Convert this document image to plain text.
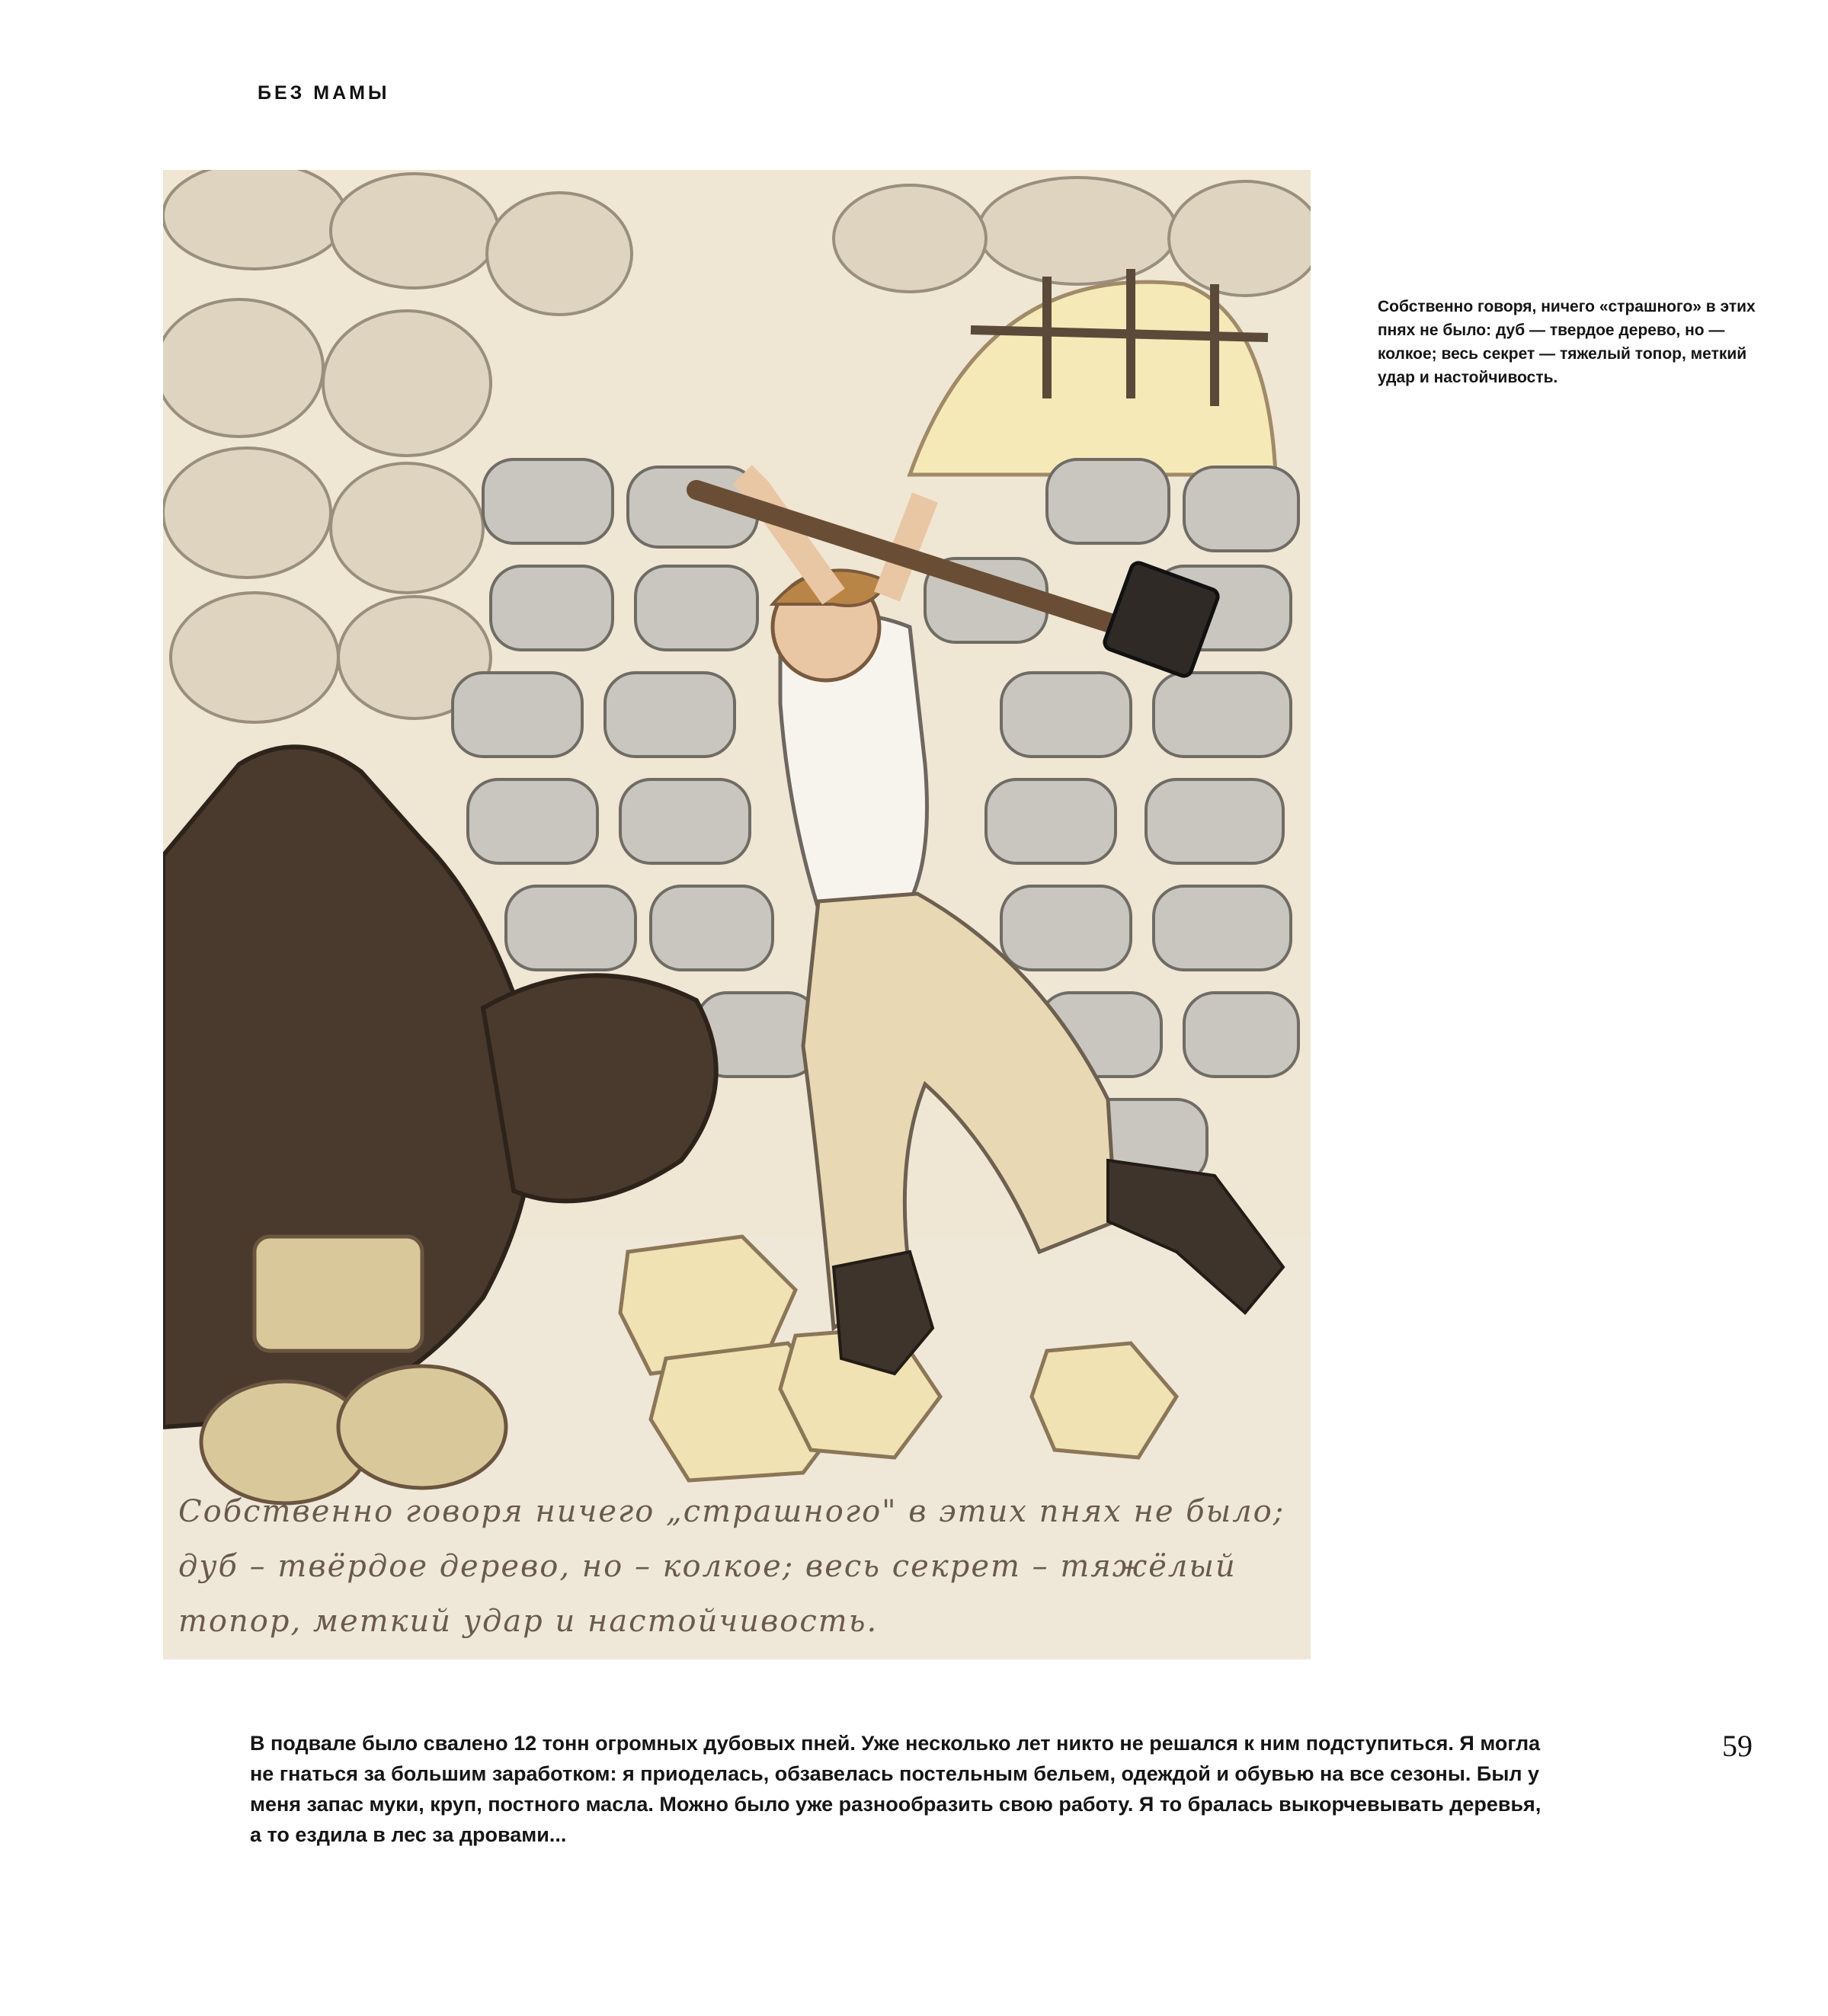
БЕЗ МАМЫ
Собственно говоря ничего „страшного" в этих пнях не было; дуб – твёрдое дерево, но – колкое; весь секрет – тяжёлый топор, меткий удар и настойчивость.
Собственно говоря, ничего «страшного» в этих пнях не было: дуб — твердое дерево, но — колкое; весь секрет — тяжелый топор, меткий удар и настойчивость.
В подвале было свалено 12 тонн огромных дубовых пней. Уже несколько лет никто не решался к ним подступиться. Я могла не гнаться за большим заработком: я приоделась, обзавелась постельным бельем, одеждой и обувью на все сезоны. Был у меня запас муки, круп, постного масла. Можно было уже разнообразить свою работу. Я то бралась выкорчевывать деревья, а то ездила в лес за дровами...
59
